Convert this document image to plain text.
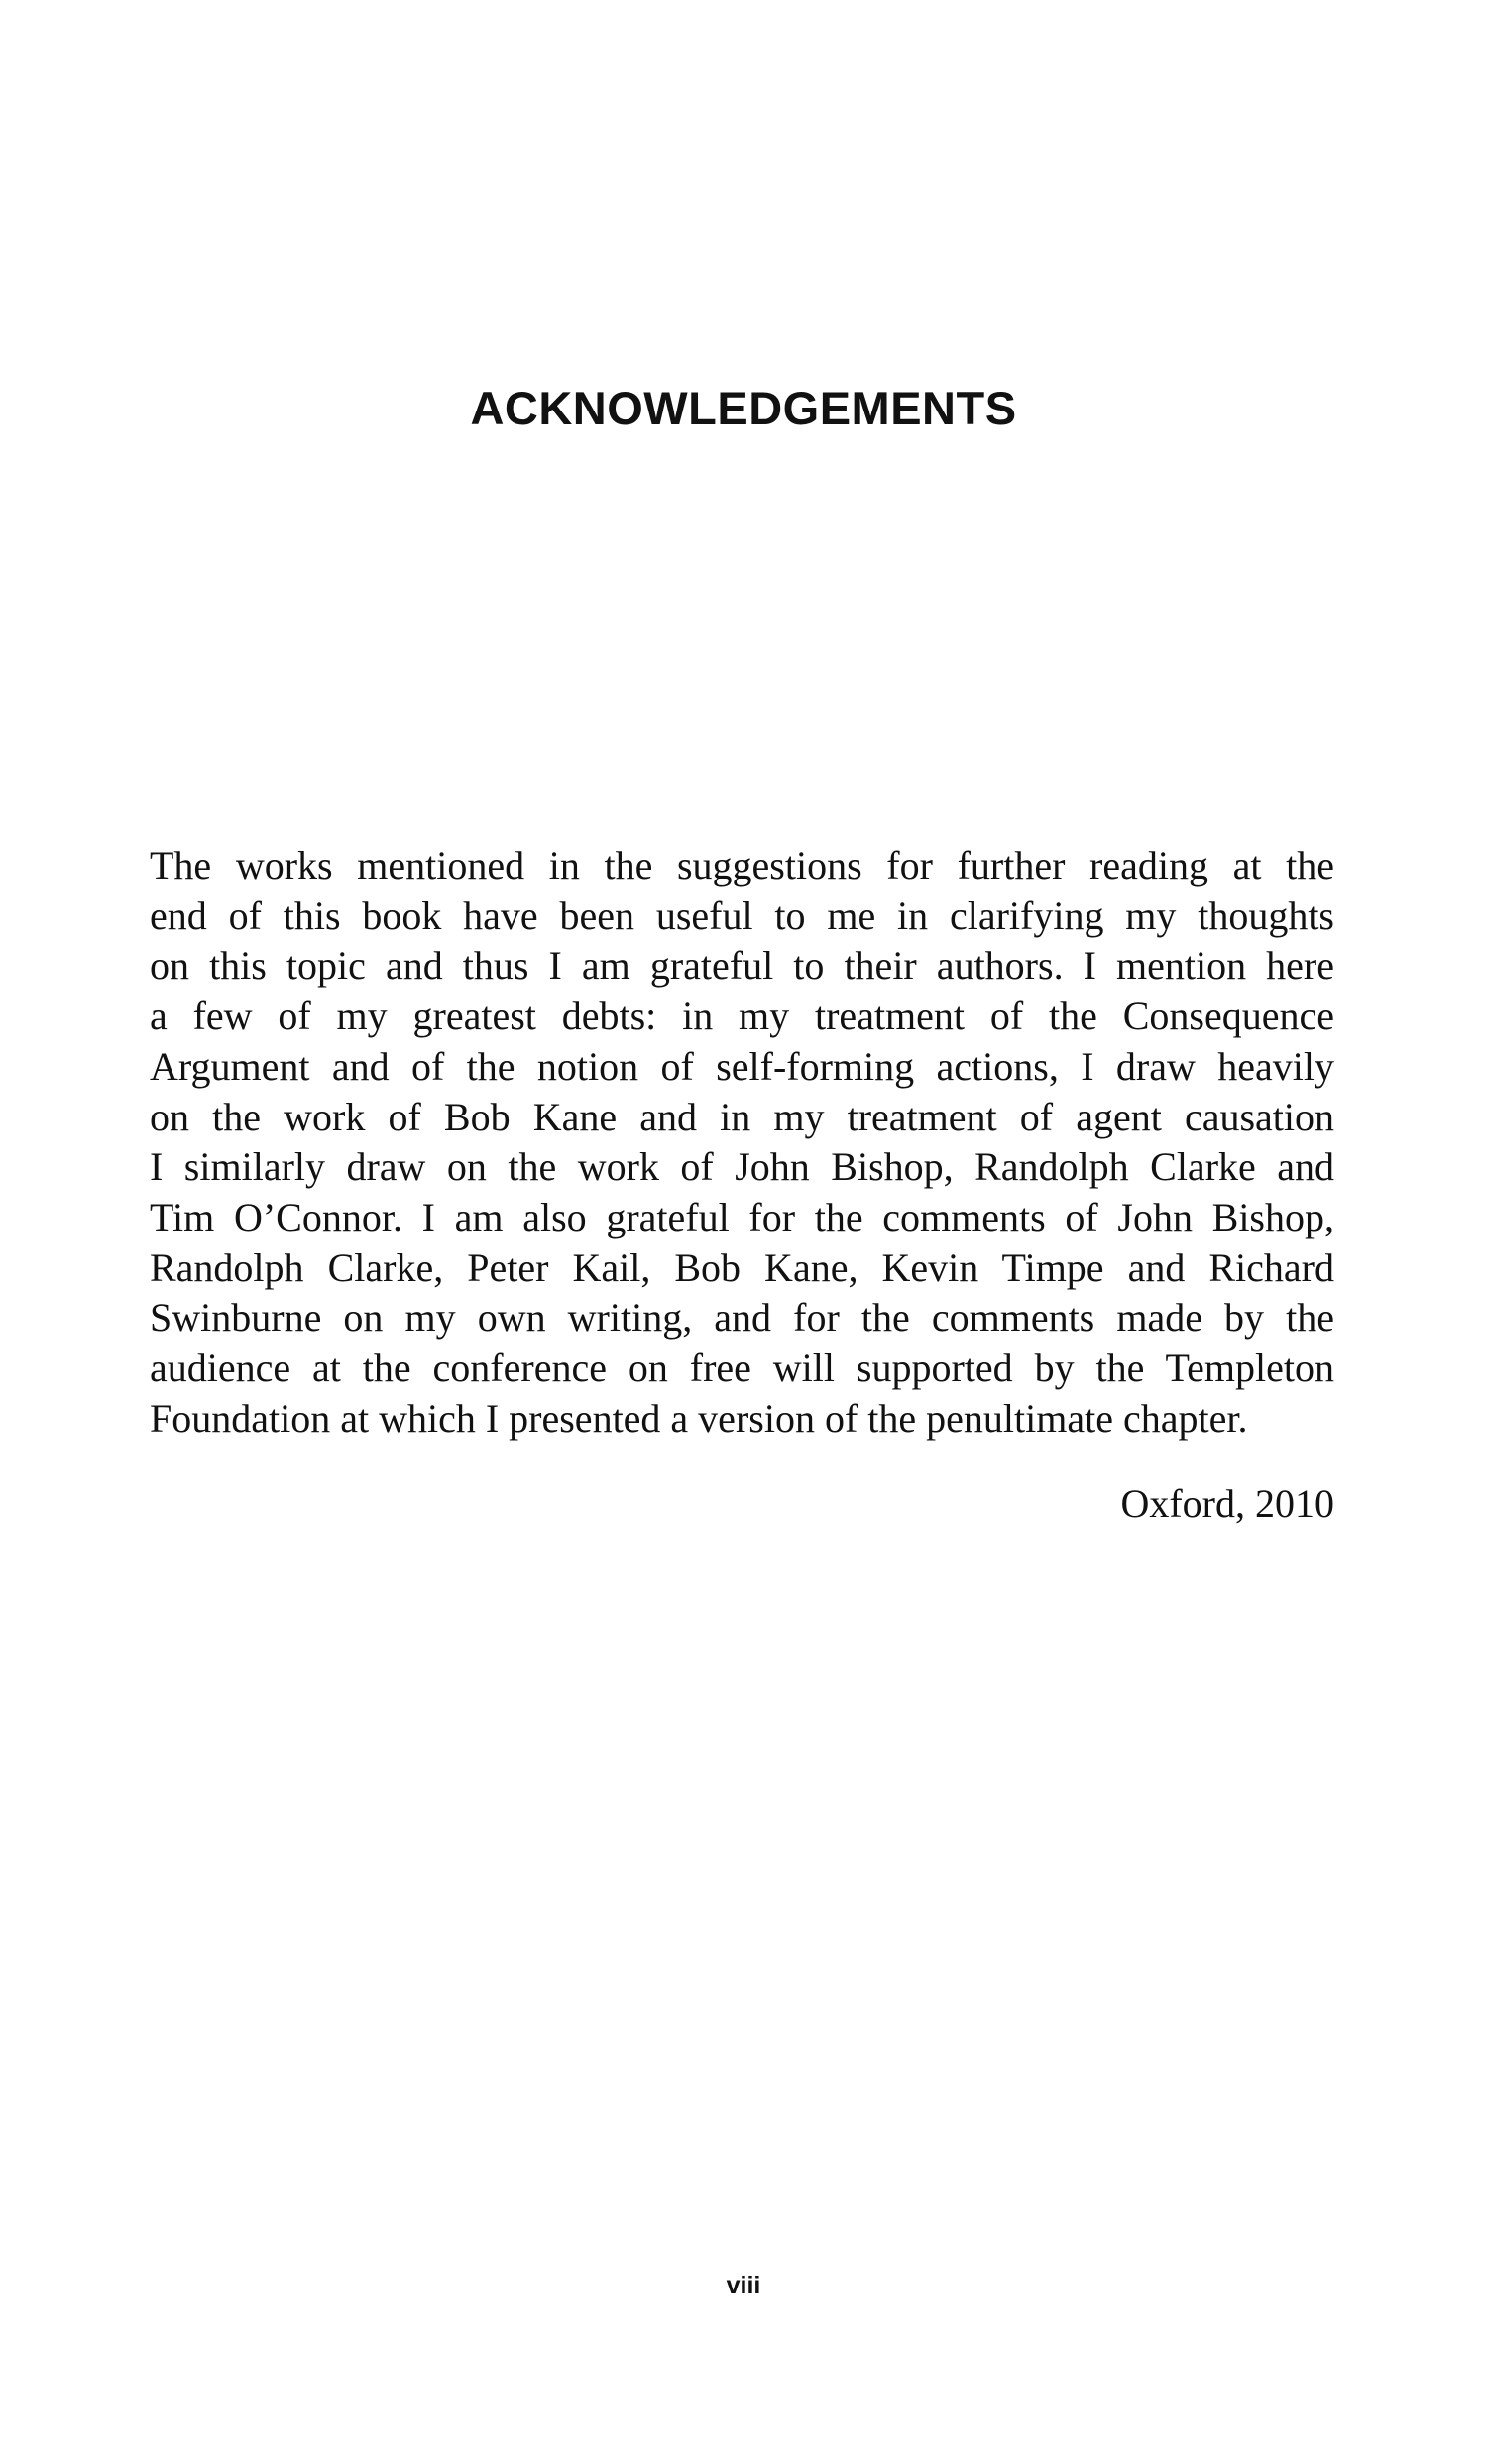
ACKNOWLEDGEMENTS

The works mentioned in the suggestions for further reading at the
end of this book have been useful to me in clarifying my thoughts
on this topic and thus I am grateful to their authors. I mention here
a few of my greatest debts: in my treatment of the Consequence
Argument and of the notion of self-forming actions, I draw heavily
on the work of Bob Kane and in my treatment of agent causation
I similarly draw on the work of John Bishop, Randolph Clarke and
Tim O’Connor. I am also grateful for the comments of John Bishop,
Randolph Clarke, Peter Kail, Bob Kane, Kevin Timpe and Richard
Swinburne on my own writing, and for the comments made by the
audience at the conference on free will supported by the Templeton
Foundation at which I presented a version of the penultimate chapter.

Oxford, 2010

viii
